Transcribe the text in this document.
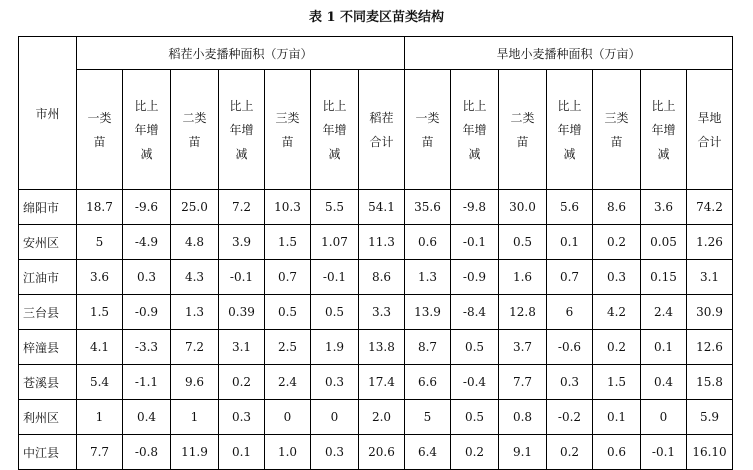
表 1 不同麦区苗类结构
市州	稻茬小麦播种面积（万亩）							旱地小麦播种面积（万亩）						
	一类苗	比上年增减	二类苗	比上年增减	三类苗	比上年增减	稻茬合计	一类苗	比上年增减	二类苗	比上年增减	三类苗	比上年增减	旱地合计
绵阳市	18.7	-9.6	25.0	7.2	10.3	5.5	54.1	35.6	-9.8	30.0	5.6	8.6	3.6	74.2
安州区	5	-4.9	4.8	3.9	1.5	1.07	11.3	0.6	-0.1	0.5	0.1	0.2	0.05	1.26
江油市	3.6	0.3	4.3	-0.1	0.7	-0.1	8.6	1.3	-0.9	1.6	0.7	0.3	0.15	3.1
三台县	1.5	-0.9	1.3	0.39	0.5	0.5	3.3	13.9	-8.4	12.8	6	4.2	2.4	30.9
梓潼县	4.1	-3.3	7.2	3.1	2.5	1.9	13.8	8.7	0.5	3.7	-0.6	0.2	0.1	12.6
苍溪县	5.4	-1.1	9.6	0.2	2.4	0.3	17.4	6.6	-0.4	7.7	0.3	1.5	0.4	15.8
利州区	1	0.4	1	0.3	0	0	2.0	5	0.5	0.8	-0.2	0.1	0	5.9
中江县	7.7	-0.8	11.9	0.1	1.0	0.3	20.6	6.4	0.2	9.1	0.2	0.6	-0.1	16.10
